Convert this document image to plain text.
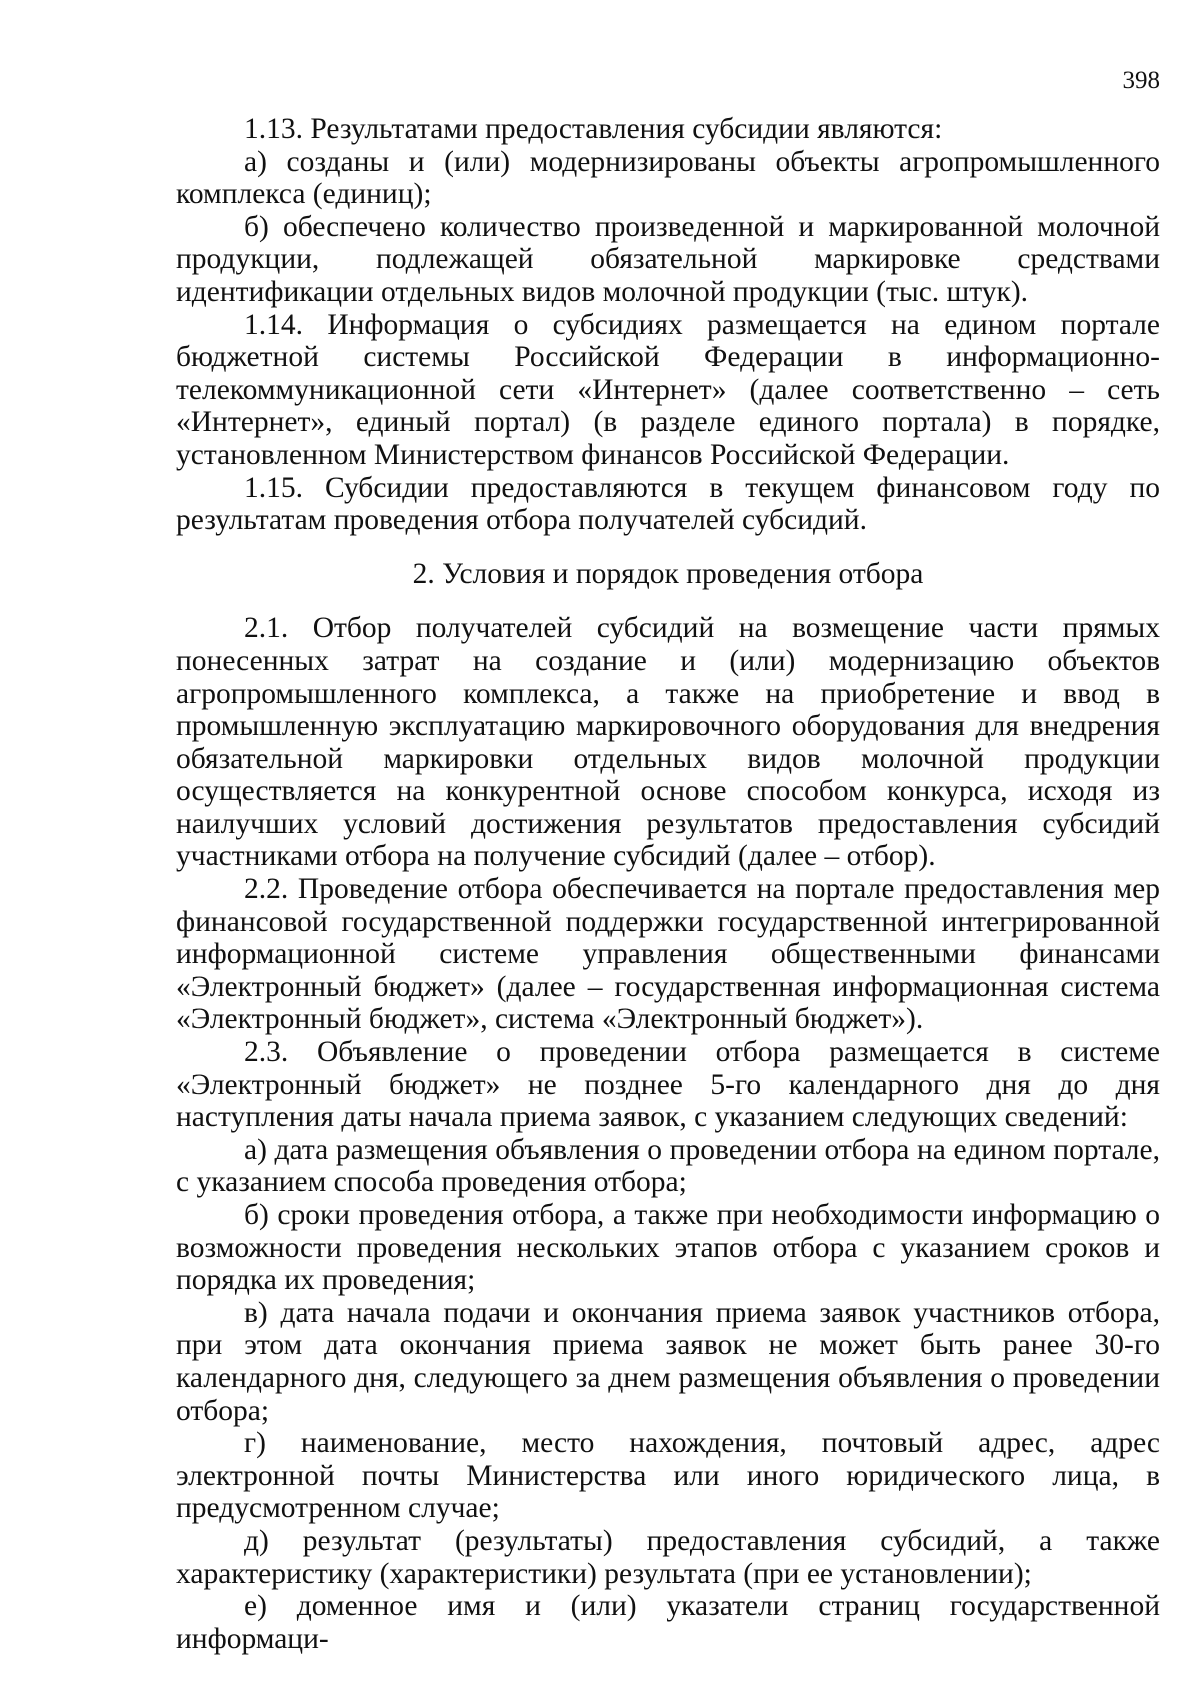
398

1.13. Результатами предоставления субсидии являются:

а) созданы и (или) модернизированы объекты агропромышленного комплекса (единиц);

б) обеспечено количество произведенной и маркированной молочной продукции, подлежащей обязательной маркировке средствами идентификации отдельных видов молочной продукции (тыс. штук).

1.14. Информация о субсидиях размещается на едином портале бюджетной системы Российской Федерации в информационно-телекоммуникационной сети «Интернет» (далее соответственно – сеть «Интернет», единый портал) (в разделе единого портала) в порядке, установленном Министерством финансов Российской Федерации.

1.15. Субсидии предоставляются в текущем финансовом году по результатам проведения отбора получателей субсидий.

2. Условия и порядок проведения отбора

2.1. Отбор получателей субсидий на возмещение части прямых понесенных затрат на создание и (или) модернизацию объектов агропромышленного комплекса, а также на приобретение и ввод в промышленную эксплуатацию маркировочного оборудования для внедрения обязательной маркировки отдельных видов молочной продукции осуществляется на конкурентной основе способом конкурса, исходя из наилучших условий достижения результатов предоставления субсидий участниками отбора на получение субсидий (далее – отбор).

2.2. Проведение отбора обеспечивается на портале предоставления мер финансовой государственной поддержки государственной интегрированной информационной системе управления общественными финансами «Электронный бюджет» (далее – государственная информационная система «Электронный бюджет», система «Электронный бюджет»).

2.3. Объявление о проведении отбора размещается в системе «Электронный бюджет» не позднее 5-го календарного дня до дня наступления даты начала приема заявок, с указанием следующих сведений:

а) дата размещения объявления о проведении отбора на едином портале, с указанием способа проведения отбора;

б) сроки проведения отбора, а также при необходимости информацию о возможности проведения нескольких этапов отбора с указанием сроков и порядка их проведения;

в) дата начала подачи и окончания приема заявок участников отбора, при этом дата окончания приема заявок не может быть ранее 30-го календарного дня, следующего за днем размещения объявления о проведении отбора;

г) наименование, место нахождения, почтовый адрес, адрес электронной почты Министерства или иного юридического лица, в предусмотренном случае;

д) результат (результаты) предоставления субсидий, а также характеристику (характеристики) результата (при ее установлении);

е) доменное имя и (или) указатели страниц государственной информаци-
